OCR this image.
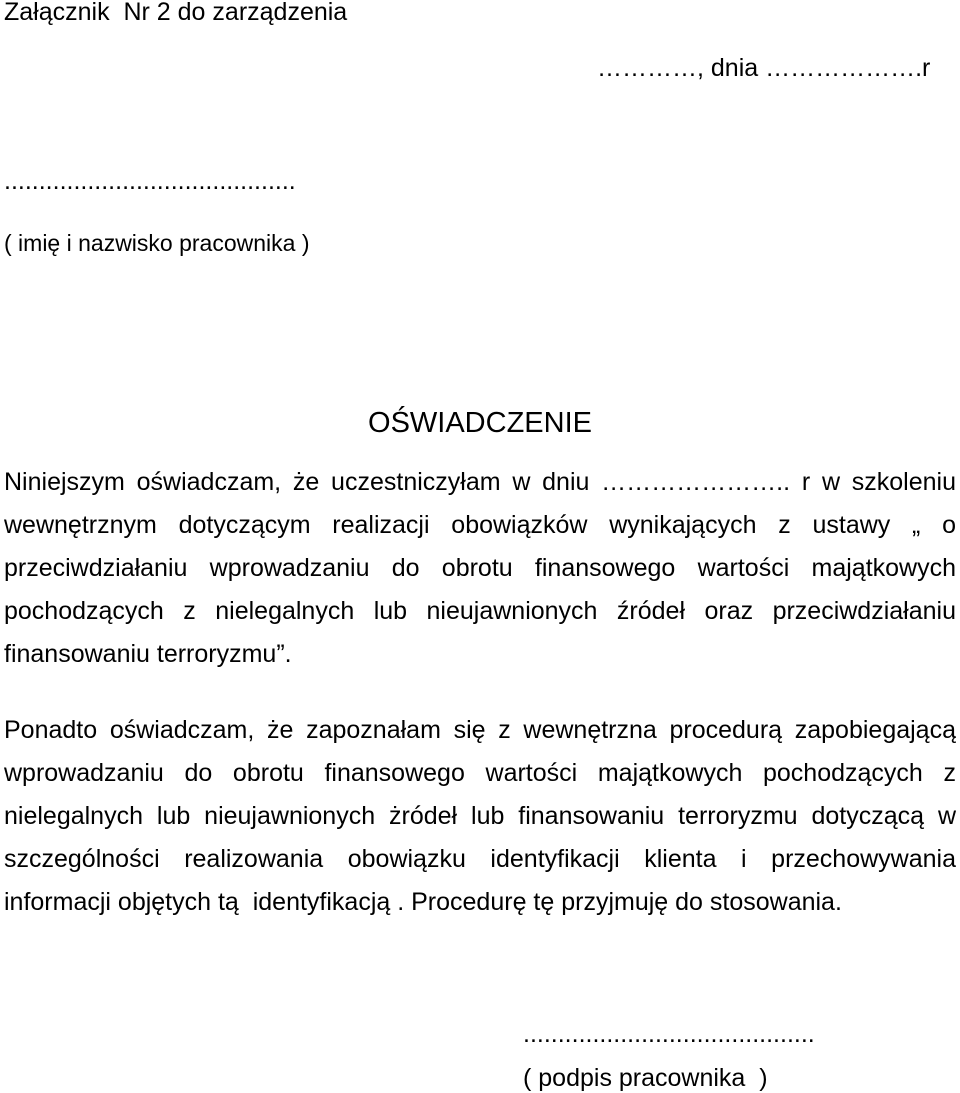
Załącznik  Nr 2 do zarządzenia
…………, dnia ……………….r
..........................................
( imię i nazwisko pracownika )
OŚWIADCZENIE
Niniejszym oświadczam, że uczestniczyłam w dniu ………………….. r w szkoleniu
wewnętrznym dotyczącym realizacji obowiązków wynikających z ustawy „ o
przeciwdziałaniu wprowadzaniu do obrotu finansowego wartości majątkowych
pochodzących z nielegalnych lub nieujawnionych źródeł oraz przeciwdziałaniu
finansowaniu terroryzmu”.
Ponadto oświadczam, że zapoznałam się z wewnętrzna procedurą zapobiegającą
wprowadzaniu do obrotu finansowego wartości majątkowych pochodzących z
nielegalnych lub nieujawnionych żródeł lub finansowaniu terroryzmu dotyczącą w
szczególności realizowania obowiązku identyfikacji klienta i przechowywania
informacji objętych tą  identyfikacją . Procedurę tę przyjmuję do stosowania.
..........................................
( podpis pracownika  )
